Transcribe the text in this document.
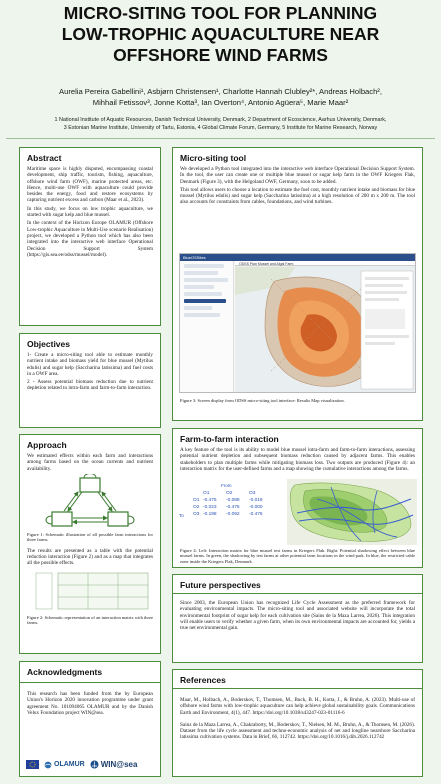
MICRO-SITING TOOL FOR PLANNING
LOW-TROPHIC AQUACULTURE NEAR
OFFSHORE WIND FARMS
Aurelia Pereira Gabellini¹, Asbjørn Christensen¹, Charlotte Hannah Clubley²*, Andreas Holbach²,
Mihhail Fetissov³, Jonne Kotta³, Ian Overton⁴, Antonio Agüera⁵, Marie Maar²
1 National Institute of Aquatic Resources, Danish Technical University, Denmark, 2 Department of Ecoscience, Aarhus University, Denmark,
3 Estonian Marine Institute, University of Tartu, Estonia, 4 Global Climate Forum, Germany, 5 Institute for Marine Research, Norway
Abstract

Maritime space is highly disputed, encompassing coastal development, ship traffic, tourism, fishing, aquaculture, offshore wind farm (OWF), marine protected areas, etc. Hence, multi-use OWF with aquaculture could provide besides the energy, food and restore ecosystems by capturing nutrient excess and carbon (Maar et al., 2023).

In this study, we focus on low trophic aquaculture, we started with sugar kelp and blue mussel.

In the context of the Horizon Europe OLAMUR (Offshore Low-trophic Aquaculture in Multi-Use scenario Realisation) project, we developed a Python tool which has also been integrated into the interactive web interface Operational Decision Support System (https://gis.sea.ee/odss/mussel/model).

Objectives

1- Create a micro-siting tool able to estimate monthly nutrient intake and biomass yield for blue mussel (Mytilus edulis) and sugar kelp (Saccharina latissima) and fuel costs in a OWF area.

2 - Assess potential biomass reduction due to nutrient depletion related to intra-farm and farm-to-farm interaction.

Approach

We estimated effects within each farm and interactions among farms based on the ocean currents and nutrient availability.

Figure 1: Schematic illustration of all possible farm interactions for three farms.

The results are presented as a table with the potential reduction interaction (Figure 2) and as a map that integrates all the possible effects.

Figure 2: Schematic representation of an interaction matrix with three farms.

Acknowledgments

This research has been funded from the by European Union's Horizon 2020 innovation programme under grant agreement No. 101094065 OLAMUR and by the Danish Velux Foundation project WIN@sea.

OLAMUR WIN@sea
Micro-siting tool

We developed a Python tool integrated into the interactive web interface Operational Decision Support System. In the tool, the user can create one or multiple blue mussel or sugar kelp farm in the OWF Kriegers Flak, Denmark (Figure 3), with the Helgoland OWF, Germany, soon to be added.

This tool allows users to choose a location to estimate the fuel cost, monthly nutrient intake and biomass for blue mussel (Mytilus edulis) and sugar kelp (Saccharina latissima) at a high resolution of 200 m x 200 m. The tool also accounts for constraints from cables, foundations, and wind turbines.

BlueOSSites
ODSS Plan Mussel and Algal Farm

Figure 3: Screen display from ODSS micro-siting tool interface: Results Map visualization.

Farm-to-farm interaction

A key feature of the tool is its ability to model blue mussel intra-farm and farm-to-farm interactions, assessing potential nutrient depletion and subsequent biomass reduction caused by adjacent farms. This enables stakeholders to plan multiple farms while mitigating biomass loss. Two outputs are produced (Figure 4): an interaction matrix for the user-defined farms and a map showing the cumulative interactions among the farms.

From
To
O1	O2	O3
O1 -0.475	-0.088	-0.018
O2 -0.023	-0.475	-0.000
O3 -0.198	-0.092	-0.476

Figure 4: Left: Interaction matrix for blue mussel test farms in Kriegers Flak. Right: Potential shadowing effect between blue mussel farms. In green, the shadowing by test farms at other potential farm locations in the wind park. In blue, the restricted cable zone inside the Kriegers Flak, Denmark.

Future perspectives

Since 2003, the European Union has recognized Life Cycle Assessment as the preferred framework for evaluating environmental impacts. The micro-siting tool and associated website will incorporate the total environmental footprint of sugar kelp for each cultivation site (Sains de la Maza Larrea, 2026). This integration will enable users to verify whether a given farm, when its own environmental impacts are accounted for, yields a true net environmental gain.

References

Maar, M., Holbach, A., Boderskov, T., Thomsen, M., Buck, B. H., Kotta, J., & Bruhn, A. (2023). Multi-use of offshore wind farms with low-trophic aquaculture can help achieve global sustainability goals. Communications Earth and Environment, 4(1), 447. https://doi.org/10.1038/s43247-023-01116-6

Sainz de la Maza Larrea, A., Chakraborty, M., Boderskov, T., Nielsen, M. M., Bruhn, A., & Thomsen, M. (2026). Dataset from the life cycle assessment and techno-economic analysis of net and longline nearshore Saccharina latissima cultivation systems. Data in Brief, 66, 112742. https://doi.org/10.1016/j.dib.2026.112742
